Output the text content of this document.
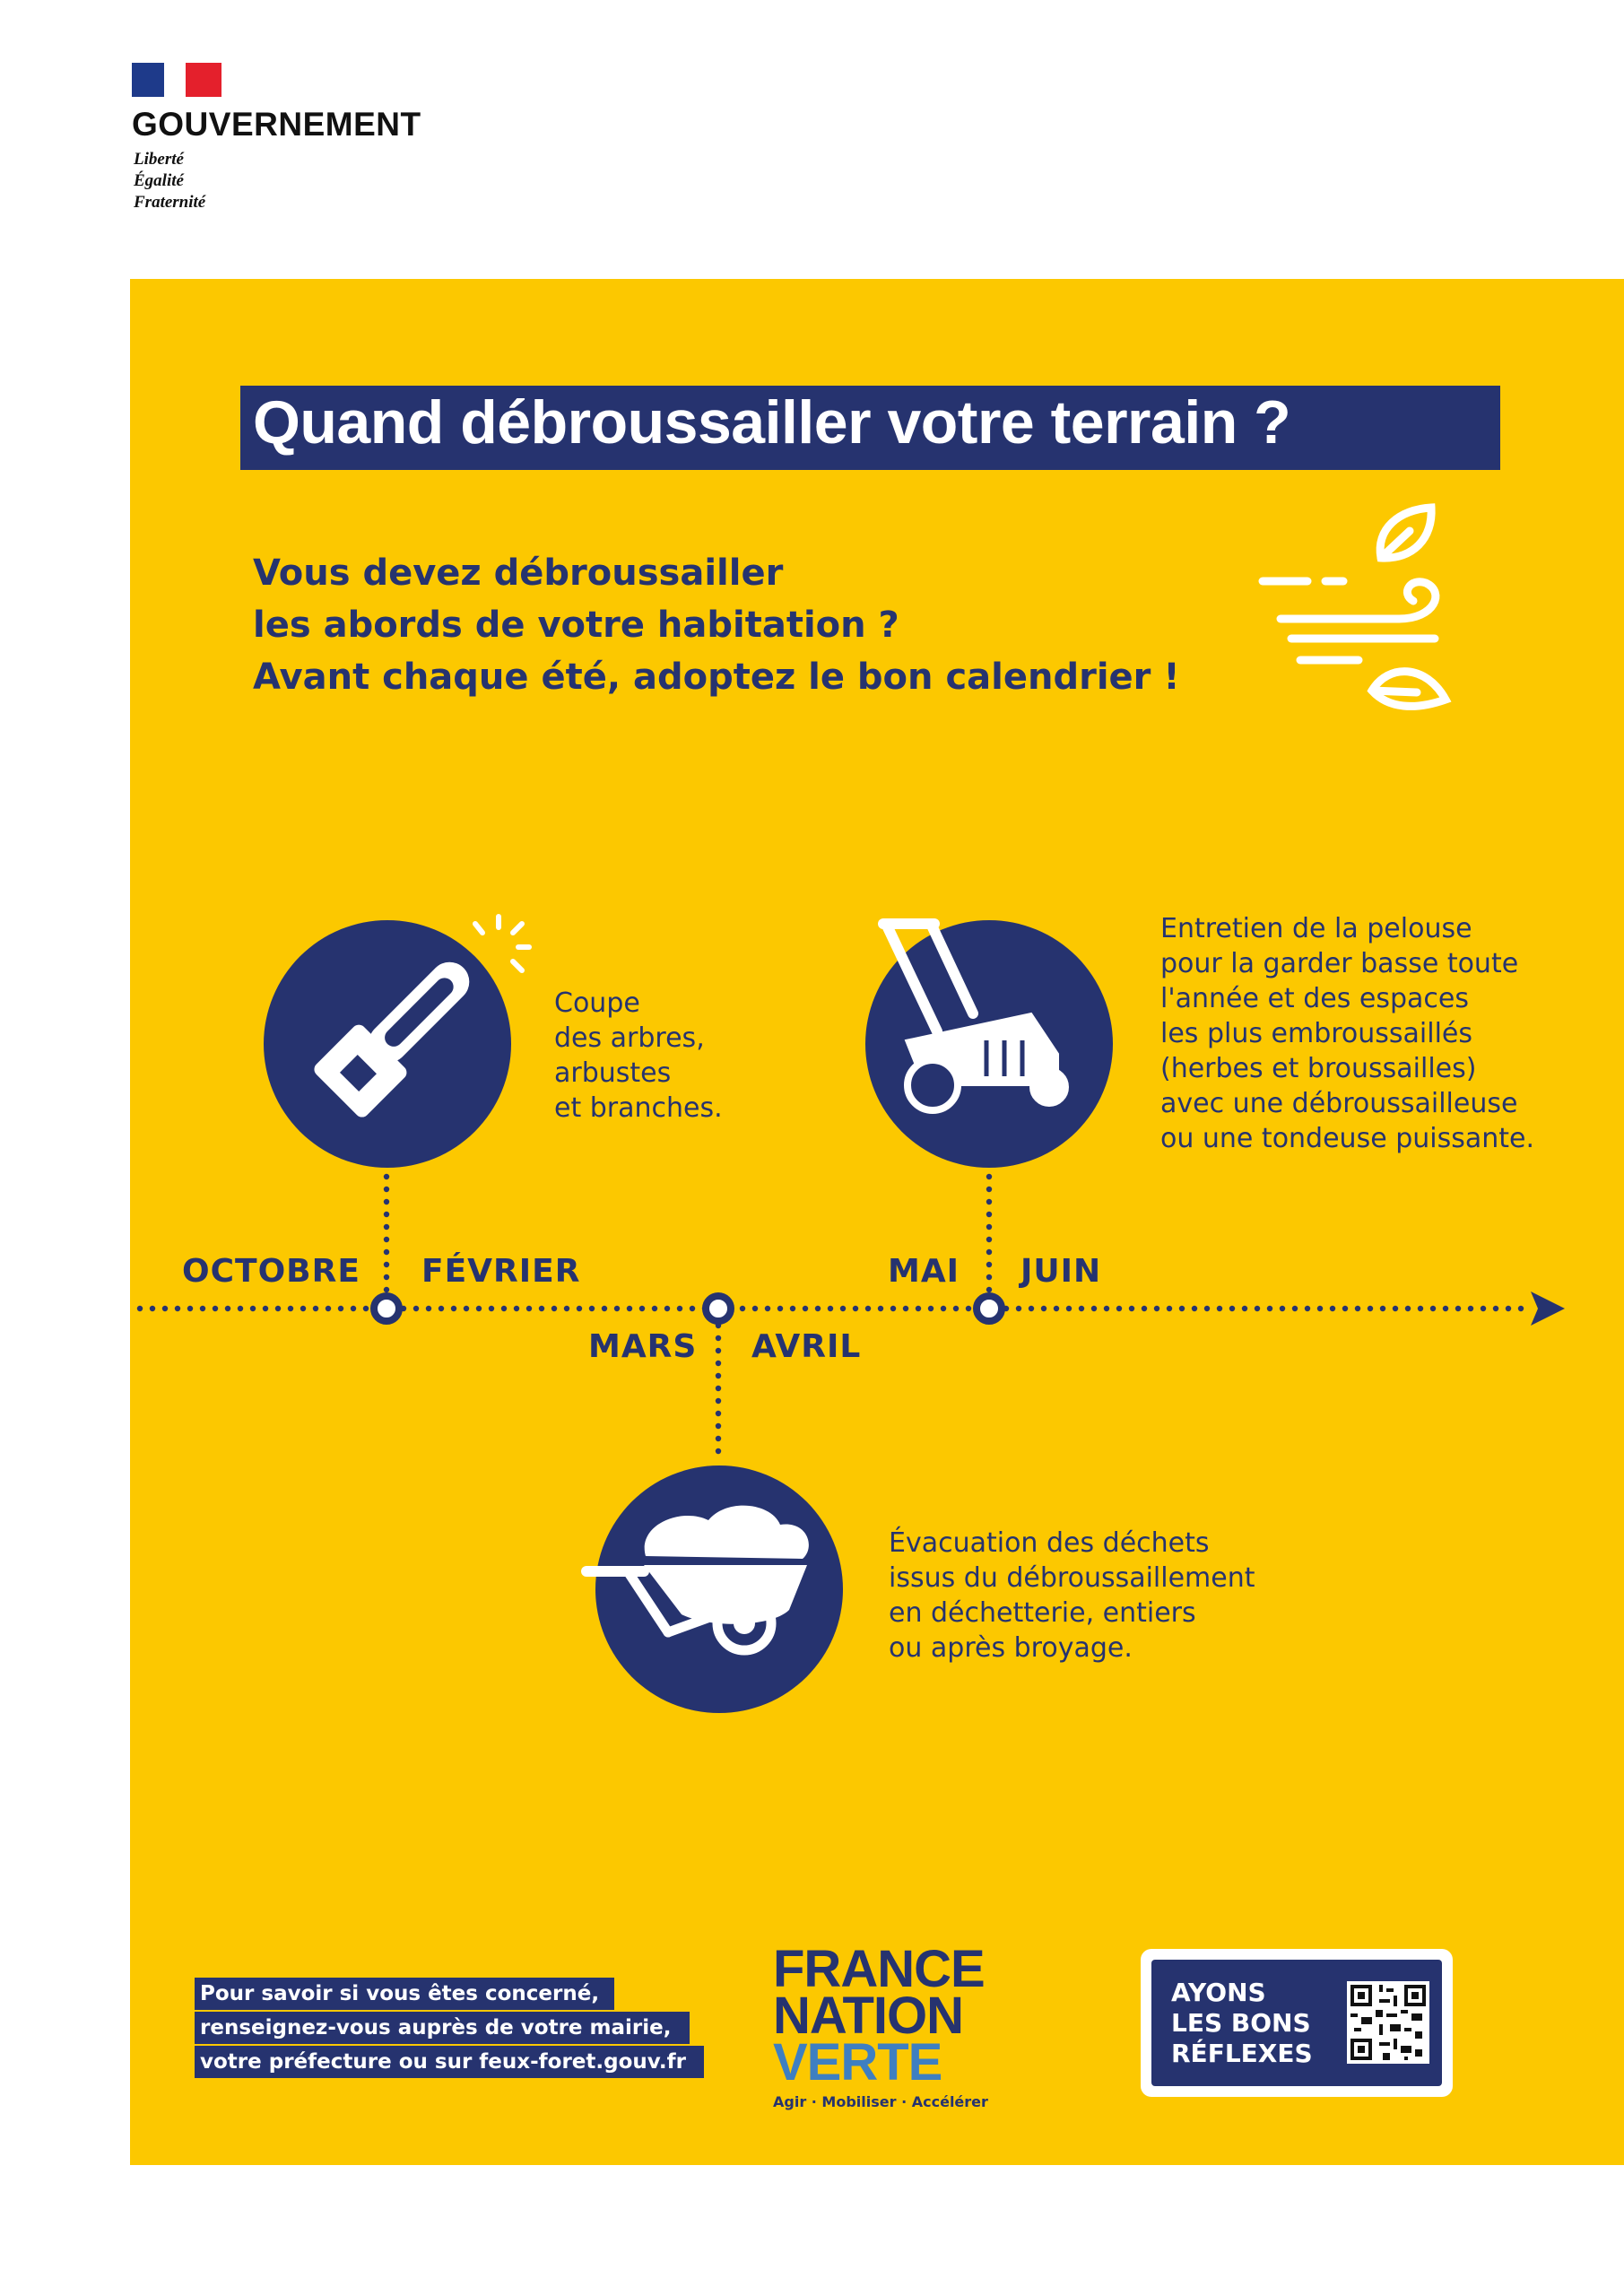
GOUVERNEMENT
Liberté
Égalité
Fraternité
Quand débroussailler votre terrain ?
Vous devez débroussailler
les abords de votre habitation ?
Avant chaque été, adoptez le bon calendrier !
Coupe
des arbres,
arbustes
et branches.
Entretien de la pelouse
pour la garder basse toute
l'année et des espaces
les plus embroussaillés
(herbes et broussailles)
avec une débroussailleuse
ou une tondeuse puissante.
OCTOBRE FÉVRIER
MARS AVRIL
MAI JUIN
Évacuation des déchets
issus du débroussaillement
en déchetterie, entiers
ou après broyage.
Pour savoir si vous êtes concerné,
renseignez-vous auprès de votre mairie,
votre préfecture ou sur feux-foret.gouv.fr
FRANCE
NATION
VERTE
Agir · Mobiliser · Accélérer
AYONS
LES BONS
RÉFLEXES
